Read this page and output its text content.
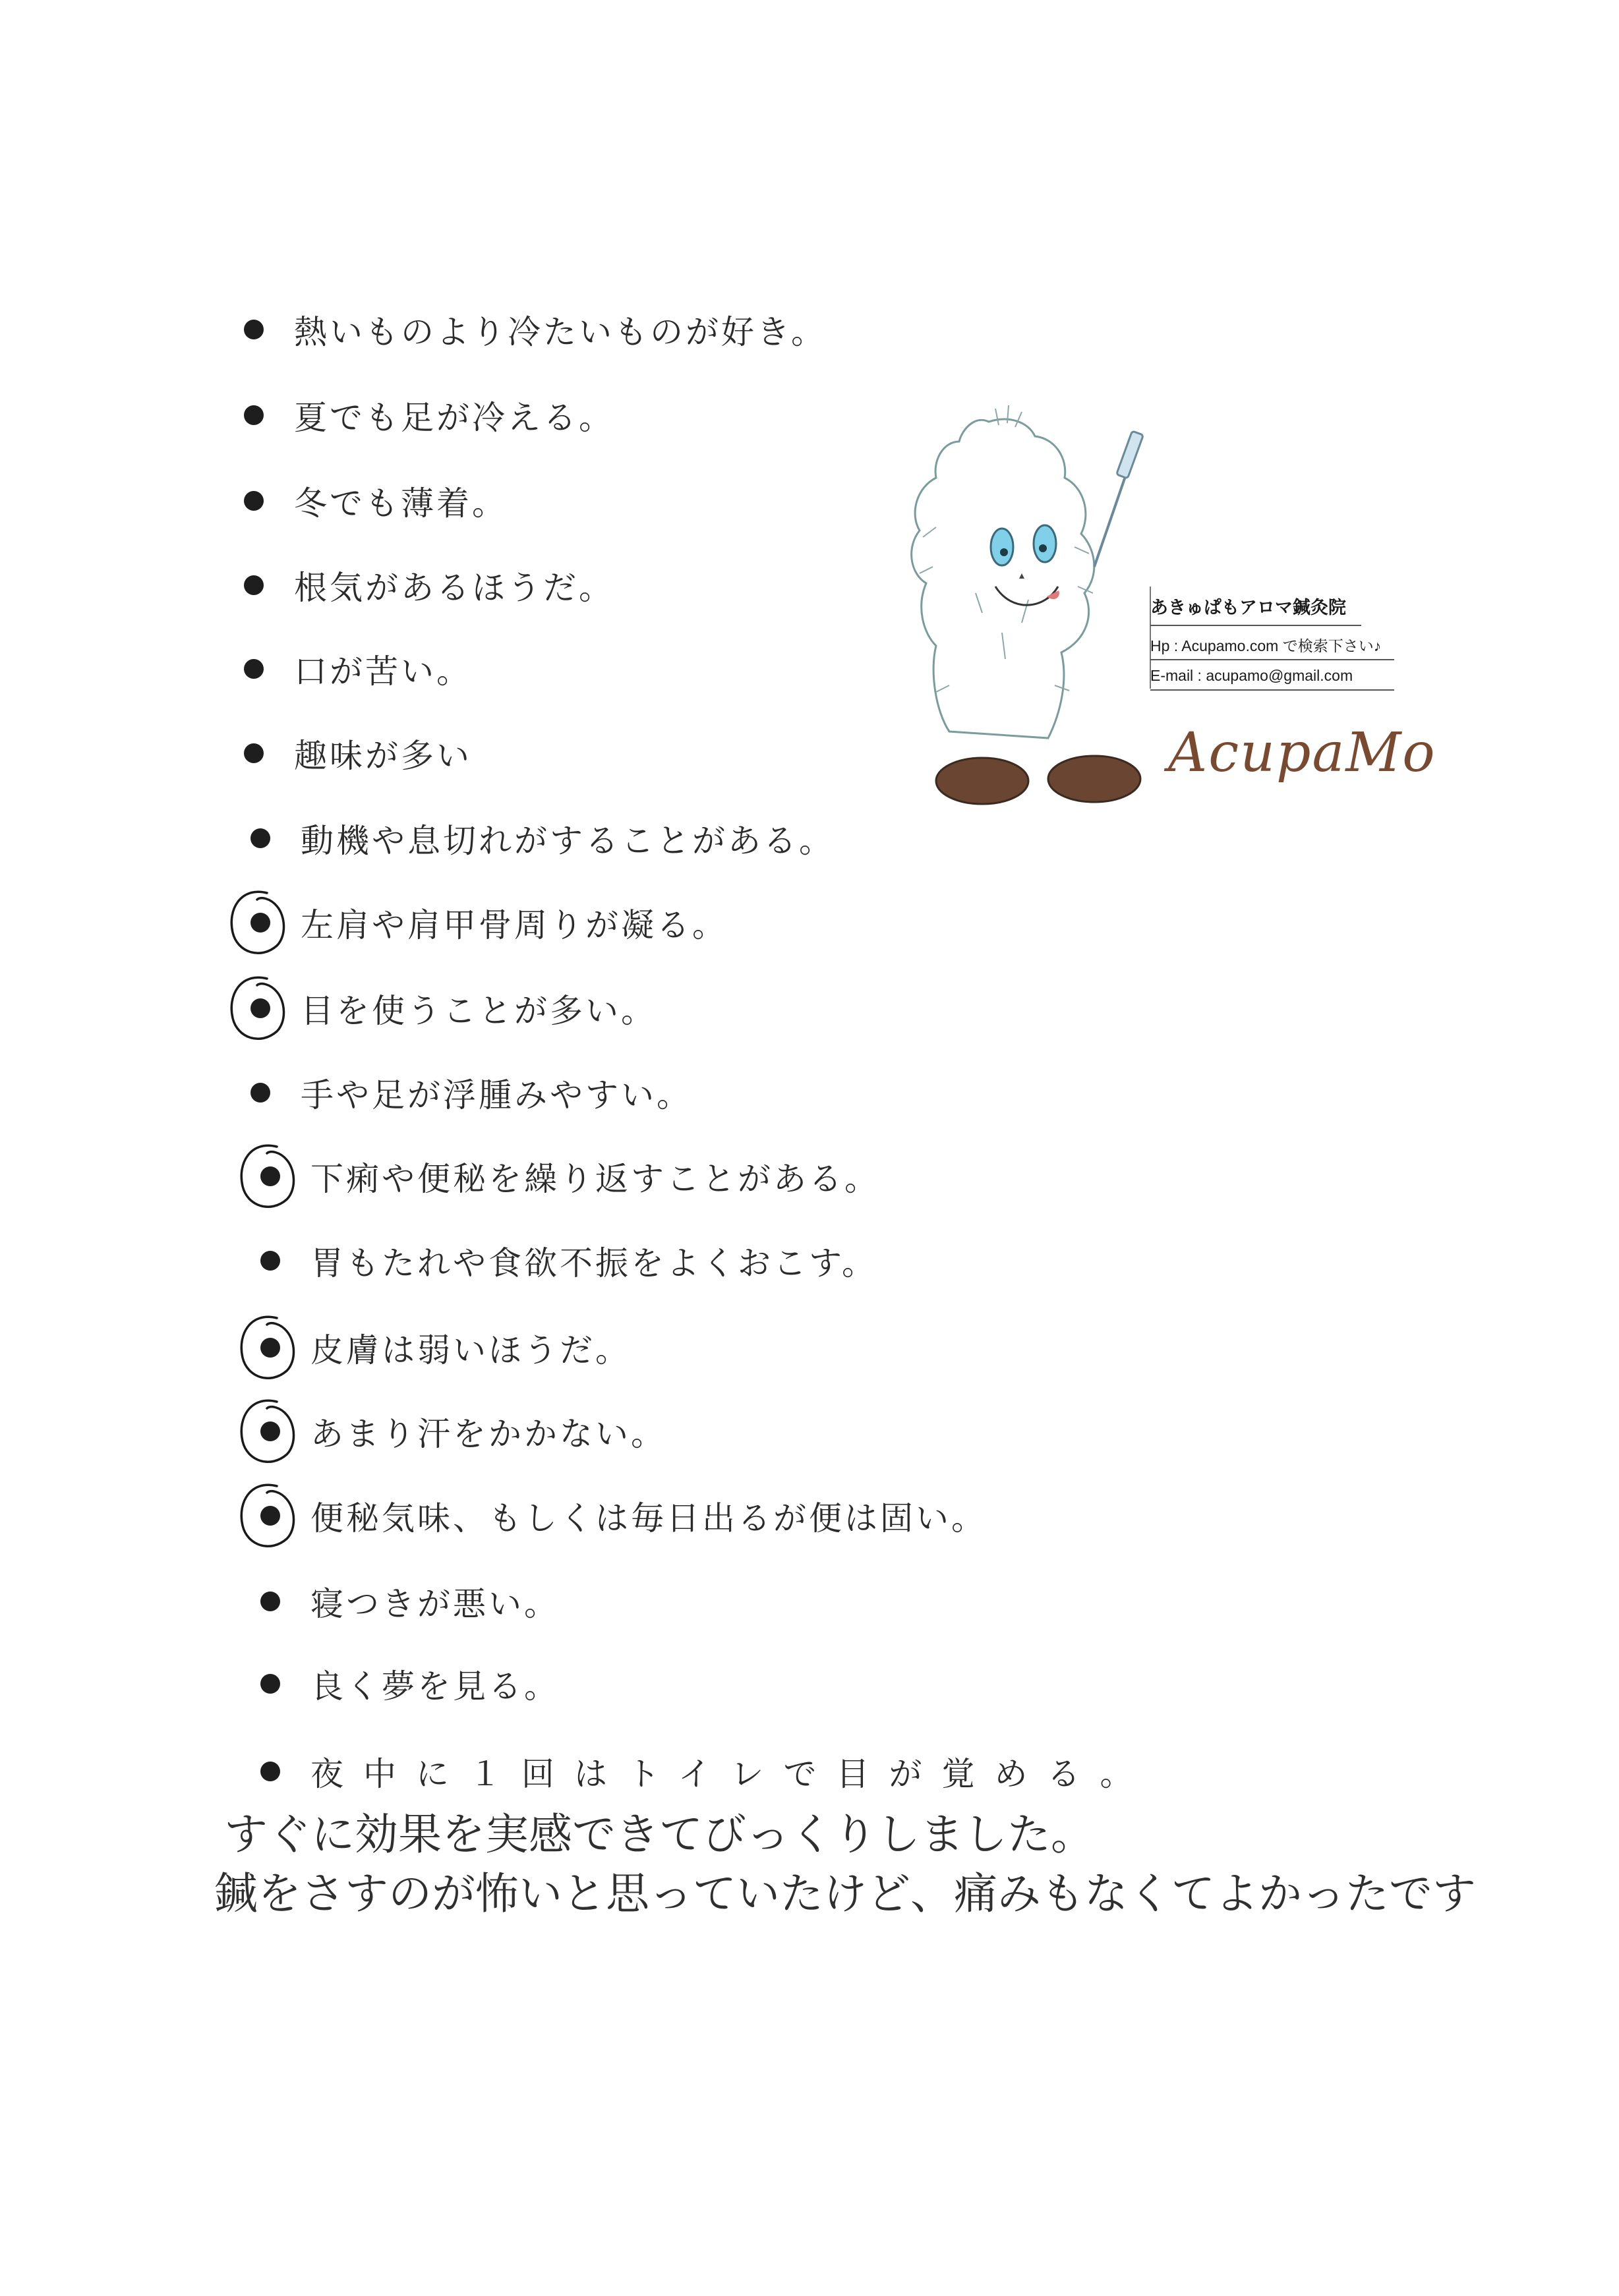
熱いものより冷たいものが好き。
夏でも足が冷える。
冬でも薄着。
根気があるほうだ。
口が苦い。
趣味が多い
動機や息切れがすることがある。
左肩や肩甲骨周りが凝る。
目を使うことが多い。
手や足が浮腫みやすい。
下痢や便秘を繰り返すことがある。
胃もたれや食欲不振をよくおこす。
皮膚は弱いほうだ。
あまり汗をかかない。
便秘気味、もしくは毎日出るが便は固い。
寝つきが悪い。
良く夢を見る。
夜中に１回はトイレで目が覚める。
あきゅぱもアロマ鍼灸院
Hp : Acupamo.com で検索下さい♪
E-mail : acupamo@gmail.com
AcupaMo
すぐに効果を実感できてびっくりしました。
鍼をさすのが怖いと思っていたけど、痛みもなくてよかったです
